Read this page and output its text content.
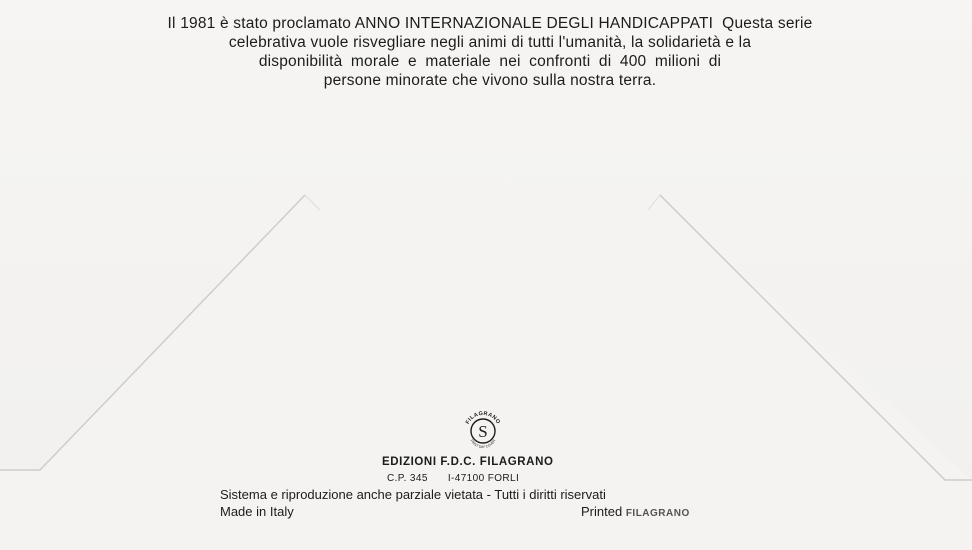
Il 1981 è stato proclamato ANNO INTERNAZIONALE DEGLI HANDICAPPATI  Questa serie
celebrativa vuole risvegliare negli animi di tutti l'umanità, la solidarietà e la
disponibilità morale e materiale nei confronti di 400 milioni di
persone minorate che vivono sulla nostra terra.
S
FILAGRANO
FIRST DAY COVER
EDIZIONI F.D.C. FILAGRANO
C.P. 345 I-47100 FORLI
Sistema e riproduzione anche parziale vietata - Tutti i diritti riservati
Made in Italy	Printed FILAGRANO
